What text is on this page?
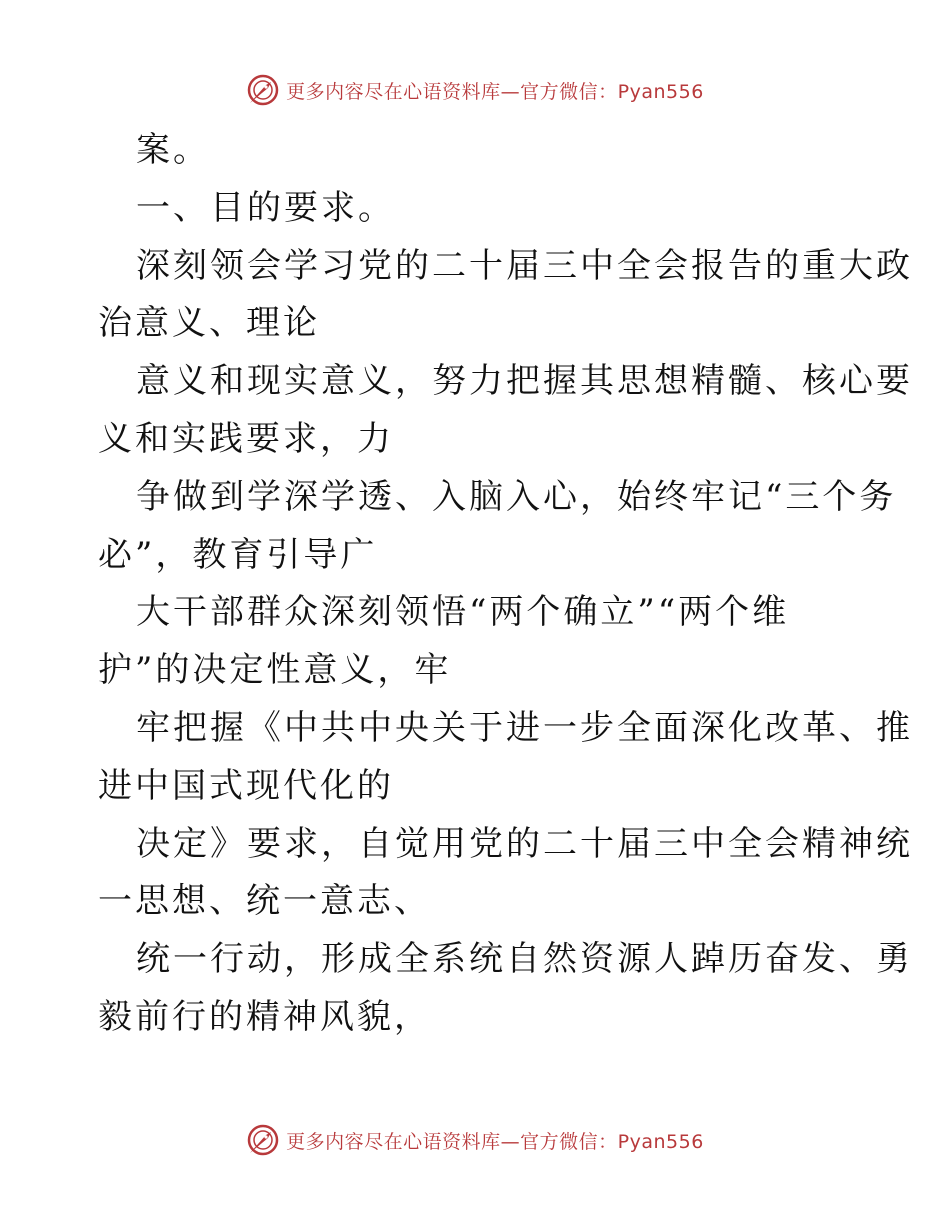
更多内容尽在心语资料库—官方微信：Pyan556
案。
一、目的要求。
深刻领会学习党的二十届三中全会报告的重大政
治意义、理论
意义和现实意义，努力把握其思想精髓、核心要
义和实践要求，力
争做到学深学透、入脑入心，始终牢记“三个务
必”，教育引导广
大干部群众深刻领悟“两个确立”“两个维
护”的决定性意义，牢
牢把握《中共中央关于进一步全面深化改革、推
进中国式现代化的
决定》要求，自觉用党的二十届三中全会精神统
一思想、统一意志、
统一行动，形成全系统自然资源人踔历奋发、勇
毅前行的精神风貌，
更多内容尽在心语资料库—官方微信：Pyan556
